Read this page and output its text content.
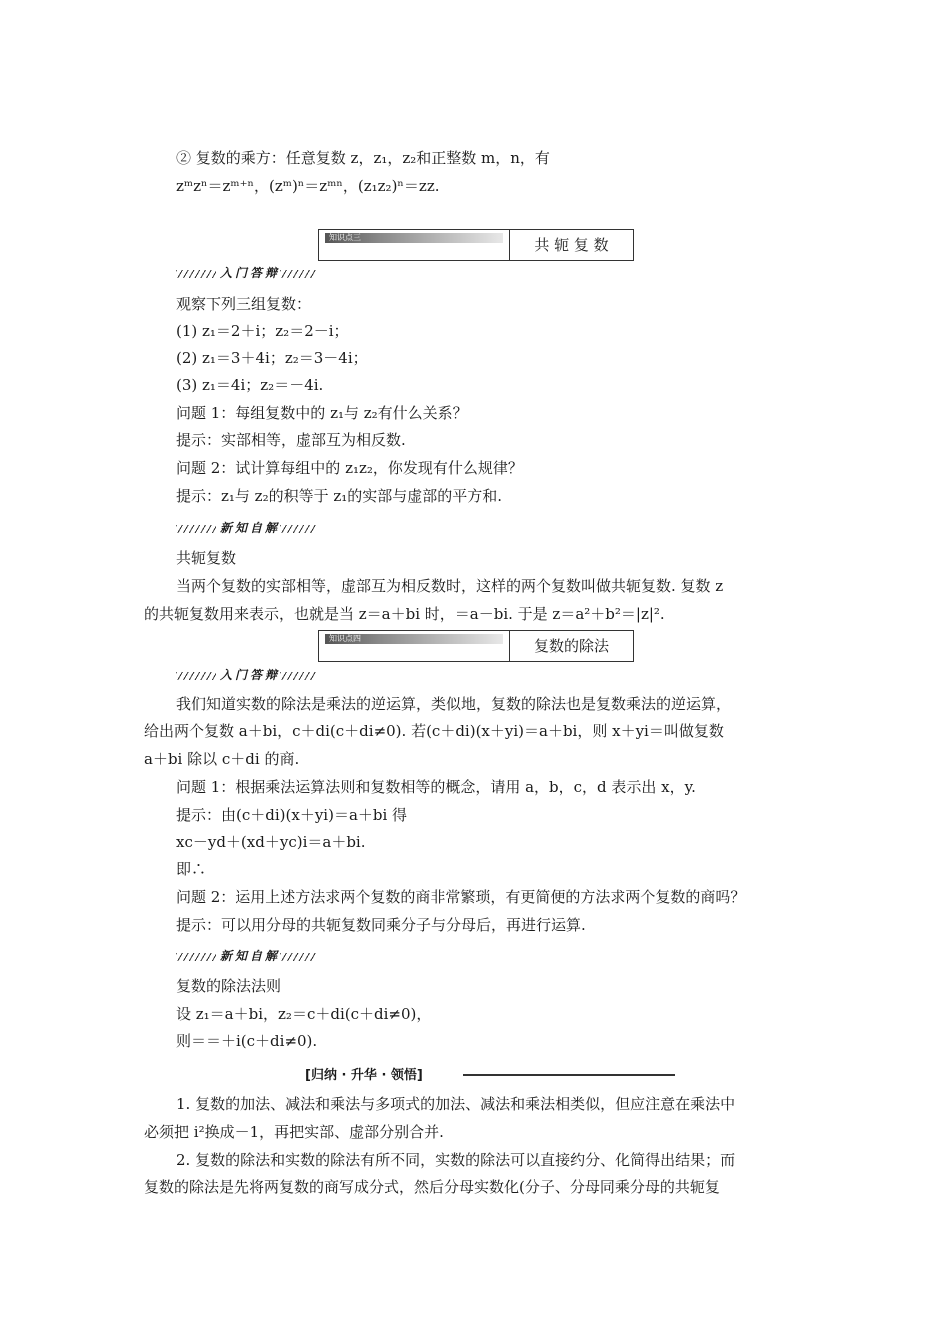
② 复数的乘方：任意复数 z，z₁，z₂和正整数 m，n，有
zᵐzⁿ＝zᵐ⁺ⁿ，(zᵐ)ⁿ＝zᵐⁿ，(z₁z₂)ⁿ＝zz.
知识点三	共 轭 复 数
入门答辩
观察下列三组复数：
(1) z₁＝2＋i；z₂＝2－i；
(2) z₁＝3＋4i；z₂＝3－4i；
(3) z₁＝4i；z₂＝－4i.
问题 1：每组复数中的 z₁与 z₂有什么关系？
提示：实部相等，虚部互为相反数.
问题 2：试计算每组中的 z₁z₂，你发现有什么规律？
提示：z₁与 z₂的积等于 z₁的实部与虚部的平方和.
新知自解
共轭复数
当两个复数的实部相等，虚部互为相反数时，这样的两个复数叫做共轭复数. 复数 z
的共轭复数用来表示，也就是当 z＝a＋bi 时，＝a－bi. 于是 z＝a²＋b²＝|z|².
知识点四	复数的除法
入门答辩
我们知道实数的除法是乘法的逆运算，类似地，复数的除法也是复数乘法的逆运算，
给出两个复数 a＋bi，c＋di(c＋di≠0). 若(c＋di)(x＋yi)＝a＋bi，则 x＋yi＝叫做复数
a＋bi 除以 c＋di 的商.
问题 1：根据乘法运算法则和复数相等的概念，请用 a，b，c，d 表示出 x，y.
提示：由(c＋di)(x＋yi)＝a＋bi 得
xc－yd＋(xd＋yc)i＝a＋bi.
即∴
问题 2：运用上述方法求两个复数的商非常繁琐，有更简便的方法求两个复数的商吗？
提示：可以用分母的共轭复数同乘分子与分母后，再进行运算.
新知自解
复数的除法法则
设 z₁＝a＋bi，z₂＝c＋di(c＋di≠0)，
则＝＝＋i(c＋di≠0).
[归纳 · 升华 · 领悟]
1. 复数的加法、减法和乘法与多项式的加法、减法和乘法相类似，但应注意在乘法中
必须把 i²换成－1，再把实部、虚部分别合并.
2. 复数的除法和实数的除法有所不同，实数的除法可以直接约分、化简得出结果；而
复数的除法是先将两复数的商写成分式，然后分母实数化(分子、分母同乘分母的共轭复
